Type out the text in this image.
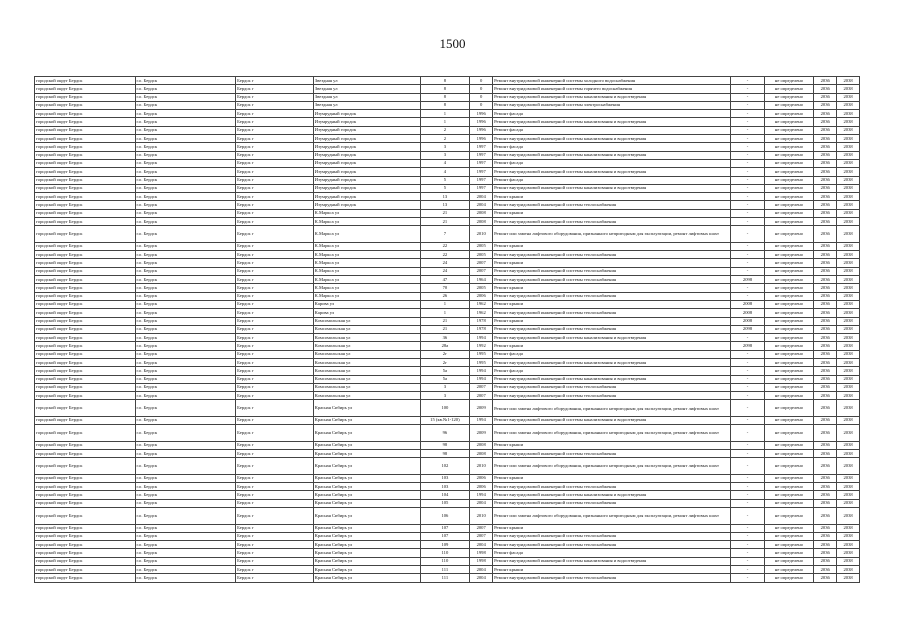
1500
городской округ Бердск	г.о. Бердск	Бердск г	Звездная ул	8	0	Ремонт внутридомовой инженерной системы холодного водоснабжения	-	не определено	2036	2038
городской округ Бердск	г.о. Бердск	Бердск г	Звездная ул	8	0	Ремонт внутридомовой инженерной системы горячего водоснабжения	-	не определено	2036	2038
городской округ Бердск	г.о. Бердск	Бердск г	Звездная ул	8	0	Ремонт внутридомовой инженерной системы канализования и водоотведения	-	не определено	2036	2038
городской округ Бердск	г.о. Бердск	Бердск г	Звездная ул	8	0	Ремонт внутридомовой инженерной системы электроснабжения	-	не определено	2036	2038
городской округ Бердск	г.о. Бердск	Бердск г	Изумрудный городок	1	1996	Ремонт фасада	-	не определено	2036	2038
городской округ Бердск	г.о. Бердск	Бердск г	Изумрудный городок	1	1996	Ремонт внутридомовой инженерной системы канализования и водоотведения	-	не определено	2036	2038
городской округ Бердск	г.о. Бердск	Бердск г	Изумрудный городок	2	1996	Ремонт фасада	-	не определено	2036	2038
городской округ Бердск	г.о. Бердск	Бердск г	Изумрудный городок	2	1996	Ремонт внутридомовой инженерной системы канализования и водоотведения	-	не определено	2036	2038
городской округ Бердск	г.о. Бердск	Бердск г	Изумрудный городок	3	1997	Ремонт фасада	-	не определено	2036	2038
городской округ Бердск	г.о. Бердск	Бердск г	Изумрудный городок	3	1997	Ремонт внутридомовой инженерной системы канализования и водоотведения	-	не определено	2036	2038
городской округ Бердск	г.о. Бердск	Бердск г	Изумрудный городок	4	1997	Ремонт фасада	-	не определено	2036	2038
городской округ Бердск	г.о. Бердск	Бердск г	Изумрудный городок	4	1997	Ремонт внутридомовой инженерной системы канализования и водоотведения	-	не определено	2036	2038
городской округ Бердск	г.о. Бердск	Бердск г	Изумрудный городок	5	1997	Ремонт фасада	-	не определено	2036	2038
городской округ Бердск	г.о. Бердск	Бердск г	Изумрудный городок	5	1997	Ремонт внутридомовой инженерной системы канализования и водоотведения	-	не определено	2036	2038
городской округ Бердск	г.о. Бердск	Бердск г	Изумрудный городок	13	2004	Ремонт крыши	-	не определено	2036	2038
городской округ Бердск	г.о. Бердск	Бердск г	Изумрудный городок	13	2004	Ремонт внутридомовой инженерной системы теплоснабжения	-	не определено	2036	2038
городской округ Бердск	г.о. Бердск	Бердск г	К.Маркса ул	21	2008	Ремонт крыши	-	не определено	2036	2038
городской округ Бердск	г.о. Бердск	Бердск г	К.Маркса ул	21	2008	Ремонт внутридомовой инженерной системы теплоснабжения	-	не определено	2036	2038
городской округ Бердск	г.о. Бердск	Бердск г	К.Маркса ул	7	2010	Ремонт или замена лифтового оборудования, признанного непригодным для эксплуатации, ремонт лифтовых шахт	-	не определено	2036	2038
городской округ Бердск	г.о. Бердск	Бердск г	К.Маркса ул	22	2005	Ремонт крыши	-	не определено	2036	2038
городской округ Бердск	г.о. Бердск	Бердск г	К.Маркса ул	22	2005	Ремонт внутридомовой инженерной системы теплоснабжения	-	не определено	2036	2038
городской округ Бердск	г.о. Бердск	Бердск г	К.Маркса ул	24	2007	Ремонт крыши	-	не определено	2036	2038
городской округ Бердск	г.о. Бердск	Бердск г	К.Маркса ул	24	2007	Ремонт внутридомовой инженерной системы теплоснабжения	-	не определено	2036	2038
городской округ Бердск	г.о. Бердск	Бердск г	К.Маркса ул	47	1964	Ремонт внутридомовой инженерной системы теплоснабжения	2098	не определено	2036	2038
городской округ Бердск	г.о. Бердск	Бердск г	К.Маркса ул	70	2005	Ремонт крыши	-	не определено	2036	2038
городской округ Бердск	г.о. Бердск	Бердск г	К.Маркса ул	26	2006	Ремонт внутридомовой инженерной системы теплоснабжения	-	не определено	2036	2038
городской округ Бердск	г.о. Бердск	Бердск г	Карова ул	1	1962	Ремонт крыши	2008	не определено	2036	2038
городской округ Бердск	г.о. Бердск	Бердск г	Карова ул	1	1962	Ремонт внутридомовой инженерной системы теплоснабжения	2008	не определено	2036	2038
городской округ Бердск	г.о. Бердск	Бердск г	Комсомольская ул	21	1978	Ремонт крыши	2008	не определено	2036	2038
городской округ Бердск	г.о. Бердск	Бердск г	Комсомольская ул	21	1978	Ремонт внутридомовой инженерной системы теплоснабжения	2098	не определено	2036	2038
городской округ Бердск	г.о. Бердск	Бердск г	Комсомольская ул	36	1994	Ремонт внутридомовой инженерной системы канализования и водоотведения	-	не определено	2036	2038
городской округ Бердск	г.о. Бердск	Бердск г	Комсомольская ул	28а	1992	Ремонт крыши	2098	не определено	2036	2038
городской округ Бердск	г.о. Бердск	Бердск г	Комсомольская ул	2г	1995	Ремонт фасада	-	не определено	2036	2038
городской округ Бердск	г.о. Бердск	Бердск г	Комсомольская ул	2г	1995	Ремонт внутридомовой инженерной системы канализования и водоотведения	-	не определено	2036	2038
городской округ Бердск	г.о. Бердск	Бердск г	Комсомольская ул	5а	1994	Ремонт фасада	-	не определено	2036	2038
городской округ Бердск	г.о. Бердск	Бердск г	Комсомольская ул	5а	1994	Ремонт внутридомовой инженерной системы канализования и водоотведения	-	не определено	2036	2038
городской округ Бердск	г.о. Бердск	Бердск г	Комсомольская ул	3	2007	Ремонт внутридомовой инженерной системы теплоснабжения	-	не определено	2036	2038
городской округ Бердск	г.о. Бердск	Бердск г	Комсомольская ул	3	2007	Ремонт внутридомовой инженерной системы теплоснабжения	-	не определено	2036	2038
городской округ Бердск	г.о. Бердск	Бердск г	Красная Сибирь ул	100	2009	Ремонт или замена лифтового оборудования, признанного непригодным для эксплуатации, ремонт лифтовых шахт	-	не определено	2036	2038
городской округ Бердск	г.о. Бердск	Бердск г	Красная Сибирь ул	15 (кв.№1-120)	1994	Ремонт внутридомовой инженерной системы канализования и водоотведения	-	не определено	2036	2038
городской округ Бердск	г.о. Бердск	Бердск г	Красная Сибирь ул	96	2009	Ремонт или замена лифтового оборудования, признанного непригодным для эксплуатации, ремонт лифтовых шахт	-	не определено	2036	2038
городской округ Бердск	г.о. Бердск	Бердск г	Красная Сибирь ул	98	2008	Ремонт крыши	-	не определено	2036	2038
городской округ Бердск	г.о. Бердск	Бердск г	Красная Сибирь ул	98	2008	Ремонт внутридомовой инженерной системы теплоснабжения	-	не определено	2036	2038
городской округ Бердск	г.о. Бердск	Бердск г	Красная Сибирь ул	102	2010	Ремонт или замена лифтового оборудования, признанного непригодным для эксплуатации, ремонт лифтовых шахт	-	не определено	2036	2038
городской округ Бердск	г.о. Бердск	Бердск г	Красная Сибирь ул	103	2006	Ремонт крыши	-	не определено	2036	2038
городской округ Бердск	г.о. Бердск	Бердск г	Красная Сибирь ул	103	2006	Ремонт внутридомовой инженерной системы теплоснабжения	-	не определено	2036	2038
городской округ Бердск	г.о. Бердск	Бердск г	Красная Сибирь ул	104	1994	Ремонт внутридомовой инженерной системы канализования и водоотведения	-	не определено	2036	2038
городской округ Бердск	г.о. Бердск	Бердск г	Красная Сибирь ул	105	2004	Ремонт внутридомовой инженерной системы теплоснабжения	-	не определено	2036	2038
городской округ Бердск	г.о. Бердск	Бердск г	Красная Сибирь ул	106	2010	Ремонт или замена лифтового оборудования, признанного непригодным для эксплуатации, ремонт лифтовых шахт	-	не определено	2036	2038
городской округ Бердск	г.о. Бердск	Бердск г	Красная Сибирь ул	107	2007	Ремонт крыши	-	не определено	2036	2038
городской округ Бердск	г.о. Бердск	Бердск г	Красная Сибирь ул	107	2007	Ремонт внутридомовой инженерной системы теплоснабжения	-	не определено	2036	2038
городской округ Бердск	г.о. Бердск	Бердск г	Красная Сибирь ул	109	2004	Ремонт внутридомовой инженерной системы теплоснабжения	-	не определено	2036	2038
городской округ Бердск	г.о. Бердск	Бердск г	Красная Сибирь ул	110	1998	Ремонт фасада	-	не определено	2036	2038
городской округ Бердск	г.о. Бердск	Бердск г	Красная Сибирь ул	110	1998	Ремонт внутридомовой инженерной системы канализования и водоотведения	-	не определено	2036	2038
городской округ Бердск	г.о. Бердск	Бердск г	Красная Сибирь ул	111	2004	Ремонт крыши	-	не определено	2036	2038
городской округ Бердск	г.о. Бердск	Бердск г	Красная Сибирь ул	111	2004	Ремонт внутридомовой инженерной системы теплоснабжения	-	не определено	2036	2038
